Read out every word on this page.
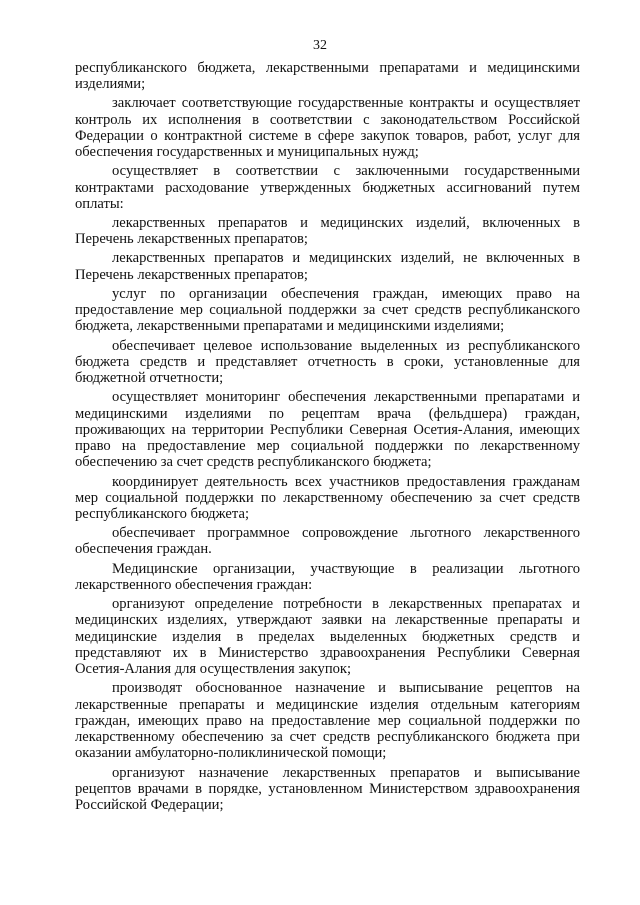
32

республиканского бюджета, лекарственными препаратами и медицинскими изделиями;

заключает соответствующие государственные контракты и осуществляет контроль их исполнения в соответствии с законодательством Российской Федерации о контрактной системе в сфере закупок товаров, работ, услуг для обеспечения государственных и муниципальных нужд;

осуществляет в соответствии с заключенными государственными контрактами расходование утвержденных бюджетных ассигнований путем оплаты:

лекарственных препаратов и медицинских изделий, включенных в Перечень лекарственных препаратов;

лекарственных препаратов и медицинских изделий, не включенных в Перечень лекарственных препаратов;

услуг по организации обеспечения граждан, имеющих право на предоставление мер социальной поддержки за счет средств республиканского бюджета, лекарственными препаратами и медицинскими изделиями;

обеспечивает целевое использование выделенных из республиканского бюджета средств и представляет отчетность в сроки, установленные для бюджетной отчетности;

осуществляет мониторинг обеспечения лекарственными препаратами и медицинскими изделиями по рецептам врача (фельдшера) граждан, проживающих на территории Республики Северная Осетия-Алания, имеющих право на предоставление мер социальной поддержки по лекарственному обеспечению за счет средств республиканского бюджета;

координирует деятельность всех участников предоставления гражданам мер социальной поддержки по лекарственному обеспечению за счет средств республиканского бюджета;

обеспечивает программное сопровождение льготного лекарственного обеспечения граждан.

Медицинские организации, участвующие в реализации льготного лекарственного обеспечения граждан:

организуют определение потребности в лекарственных препаратах и медицинских изделиях, утверждают заявки на лекарственные препараты и медицинские изделия в пределах выделенных бюджетных средств и представляют их в Министерство здравоохранения Республики Северная Осетия-Алания для осуществления закупок;

производят обоснованное назначение и выписывание рецептов на лекарственные препараты и медицинские изделия отдельным категориям граждан, имеющих право на предоставление мер социальной поддержки по лекарственному обеспечению за счет средств республиканского бюджета при оказании амбулаторно-поликлинической помощи;

организуют назначение лекарственных препаратов и выписывание рецептов врачами в порядке, установленном Министерством здравоохранения Российской Федерации;
